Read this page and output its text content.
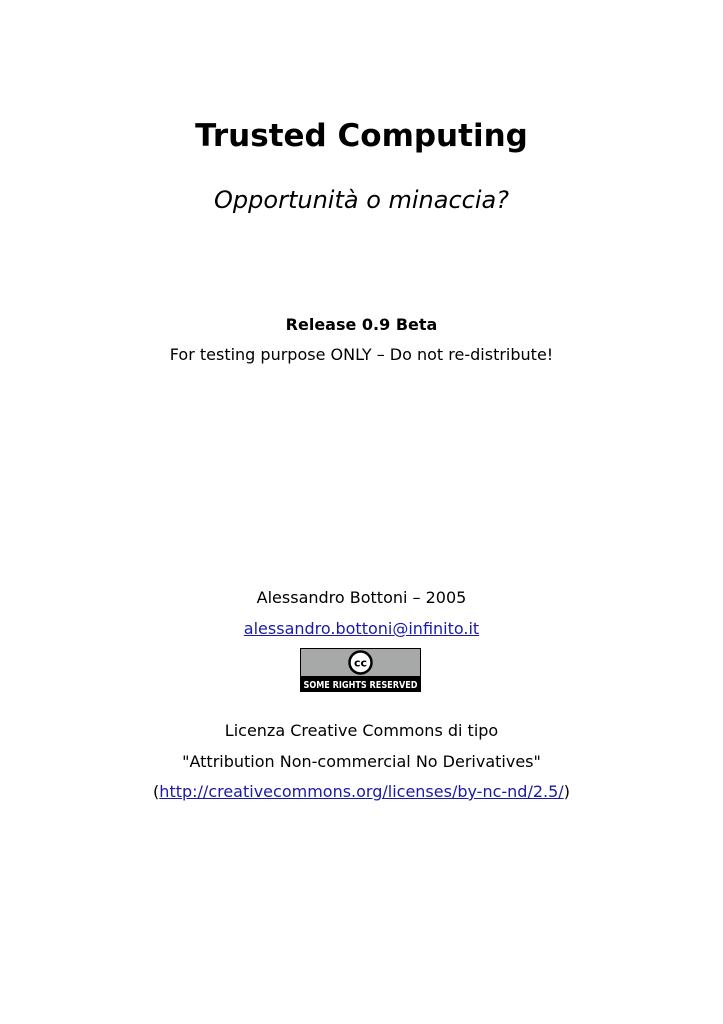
Trusted Computing
Opportunità o minaccia?
Release 0.9 Beta
For testing purpose ONLY – Do not re-distribute!
Alessandro Bottoni – 2005
alessandro.bottoni@infinito.it
cc
SOME RIGHTS RESERVED
Licenza Creative Commons di tipo
"Attribution Non-commercial No Derivatives"
(http://creativecommons.org/licenses/by-nc-nd/2.5/)
